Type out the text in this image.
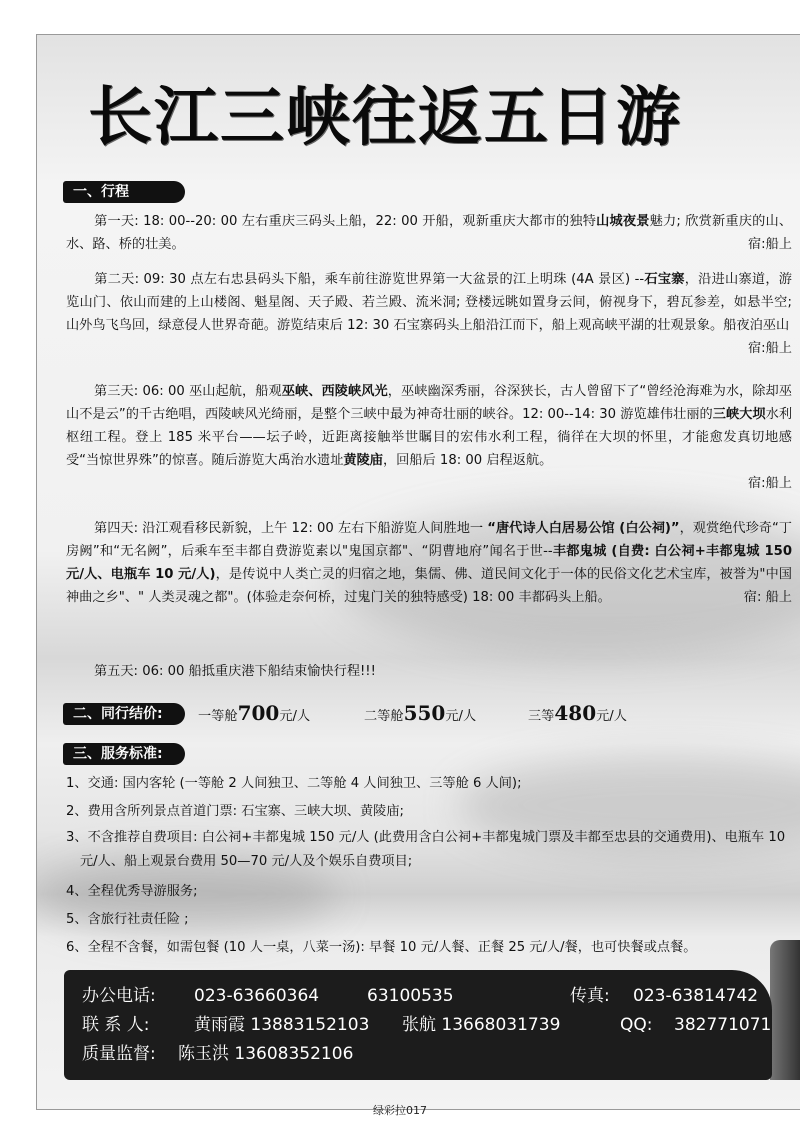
长江三峡往返五日游
一、行程

第一天: 18: 00--20: 00 左右重庆三码头上船，22: 00 开船，观新重庆大都市的独特山城夜景魅力; 欣赏新重庆的山、水、路、桥的壮美。	宿:船上

第二天: 09: 30 点左右忠县码头下船，乘车前往游览世界第一大盆景的江上明珠 (4A 景区) --石宝寨，沿进山寨道，游览山门、依山而建的上山楼阁、魁星阁、天子殿、若兰殿、流米洞; 登楼远眺如置身云间，俯视身下，碧瓦参差，如悬半空; 山外鸟飞鸟回，绿意侵人世界奇葩。游览结束后 12: 30 石宝寨码头上船沿江而下，船上观高峡平湖的壮观景象。船夜泊巫山
宿:船上

第三天: 06: 00 巫山起航，船观巫峡、西陵峡风光，巫峡幽深秀丽，谷深狭长，古人曾留下了“曾经沧海难为水，除却巫山不是云”的千古绝唱，西陵峡风光绮丽，是整个三峡中最为神奇壮丽的峡谷。12: 00--14: 30 游览雄伟壮丽的三峡大坝水利枢纽工程。登上 185 米平台——坛子岭，近距离接触举世瞩目的宏伟水利工程，徜徉在大坝的怀里，才能愈发真切地感受“当惊世界殊”的惊喜。随后游览大禹治水遗址黄陵庙，回船后 18: 00 启程返航。

宿:船上

第四天: 沿江观看移民新貌，上午 12: 00 左右下船游览人间胜地一 “唐代诗人白居易公馆 (白公祠)”，观赏绝代珍奇“丁房阙”和“无名阙”，后乘车至丰都自费游览素以"鬼国京都"、“阴曹地府”闻名于世--丰都鬼城 (自费: 白公祠+丰都鬼城 150 元/人、电瓶车 10 元/人)，是传说中人类亡灵的归宿之地，集儒、佛、道民间文化于一体的民俗文化艺术宝库，被誉为"中国神曲之乡"、" 人类灵魂之都"。(体验走奈何桥，过鬼门关的独特感受) 18: 00 丰都码头上船。	宿: 船上

第五天: 06: 00 船抵重庆港下船结束愉快行程!!!

二、同行结价:	一等舱700元/人	二等舱550元/人	三等480元/人
三、服务标准:
1、交通: 国内客轮 (一等舱 2 人间独卫、二等舱 4 人间独卫、三等舱 6 人间);
2、费用含所列景点首道门票: 石宝寨、三峡大坝、黄陵庙;
3、不含推荐自费项目: 白公祠+丰都鬼城 150 元/人 (此费用含白公祠+丰都鬼城门票及丰都至忠县的交通费用)、电瓶车 10 元/人、船上观景台费用 50—70 元/人及个娱乐自费项目;
4、全程优秀导游服务;
5、含旅行社责任险 ;
6、全程不含餐，如需包餐 (10 人一桌，八菜一汤): 早餐 10 元/人餐、正餐 25 元/人/餐，也可快餐或点餐。
办公电话: 023-63660364	63100535	传真: 023-63814742
联 系 人:	黄雨霞 13883152103 张航 13668031739	QQ: 382771071
质量监督: 陈玉洪 13608352106
绿彩拉017
